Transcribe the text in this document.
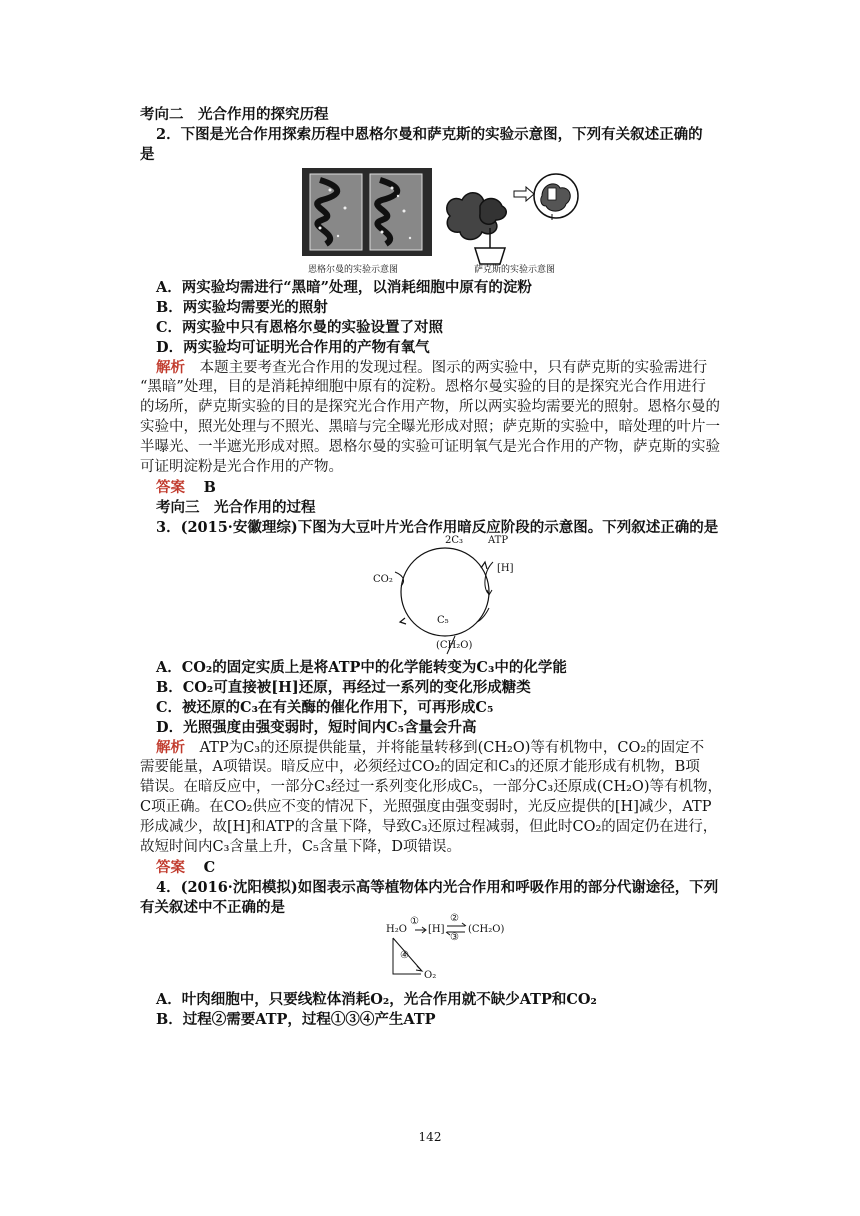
考向二　光合作用的探究历程
2．下图是光合作用探索历程中恩格尔曼和萨克斯的实验示意图，下列有关叙述正确的
是
恩格尔曼的实验示意图	萨克斯的实验示意图
A．两实验均需进行“黑暗”处理，以消耗细胞中原有的淀粉
B．两实验均需要光的照射
C．两实验中只有恩格尔曼的实验设置了对照
D．两实验均可证明光合作用的产物有氧气
解析 本题主要考查光合作用的发现过程。图示的两实验中，只有萨克斯的实验需进行
“黑暗”处理，目的是消耗掉细胞中原有的淀粉。恩格尔曼实验的目的是探究光合作用进行
的场所，萨克斯实验的目的是探究光合作用产物，所以两实验均需要光的照射。恩格尔曼的
实验中，照光处理与不照光、黑暗与完全曝光形成对照；萨克斯的实验中，暗处理的叶片一
半曝光、一半遮光形成对照。恩格尔曼的实验可证明氧气是光合作用的产物，萨克斯的实验
可证明淀粉是光合作用的产物。
答案 B
考向三　光合作用的过程
3．(2015·安徽理综)下图为大豆叶片光合作用暗反应阶段的示意图。下列叙述正确的是
2C₃ ATP
[H]
CO₂
C₅
(CH₂O)
A．CO₂的固定实质上是将ATP中的化学能转变为C₃中的化学能
B．CO₂可直接被[H]还原，再经过一系列的变化形成糖类
C．被还原的C₃在有关酶的催化作用下，可再形成C₅
D．光照强度由强变弱时，短时间内C₅含量会升高
解析 ATP为C₃的还原提供能量，并将能量转移到(CH₂O)等有机物中，CO₂的固定不
需要能量，A项错误。暗反应中，必须经过CO₂的固定和C₃的还原才能形成有机物，B项
错误。在暗反应中，一部分C₃经过一系列变化形成C₅，一部分C₃还原成(CH₂O)等有机物，
C项正确。在CO₂供应不变的情况下，光照强度由强变弱时，光反应提供的[H]减少，ATP
形成减少，故[H]和ATP的含量下降，导致C₃还原过程减弱，但此时CO₂的固定仍在进行，
故短时间内C₃含量上升，C₅含量下降，D项错误。
答案 C
4．(2016·沈阳模拟)如图表示高等植物体内光合作用和呼吸作用的部分代谢途径，下列
有关叙述中不正确的是
H₂O
①
[H]
②
③
(CH₂O)
④
O₂
A．叶肉细胞中，只要线粒体消耗O₂，光合作用就不缺少ATP和CO₂
B．过程②需要ATP，过程①③④产生ATP
142
